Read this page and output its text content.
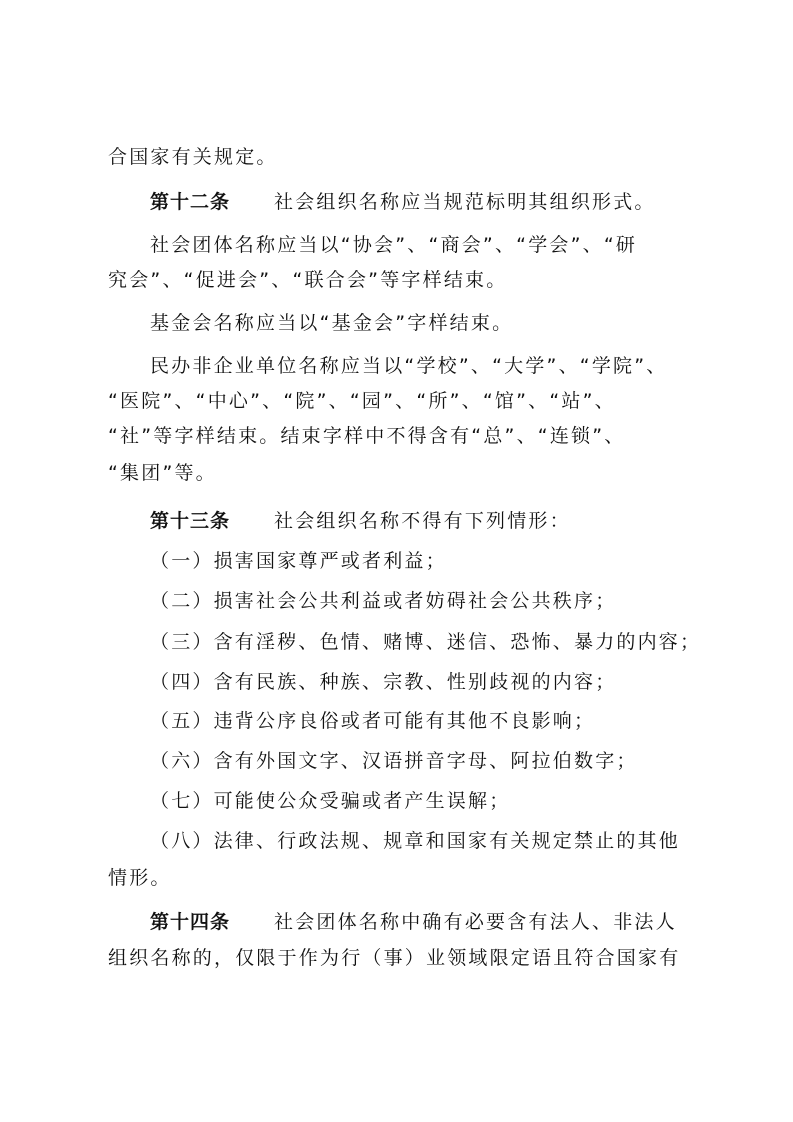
合国家有关规定。
第十二条 社会组织名称应当规范标明其组织形式。
社会团体名称应当以“协会”、“商会”、“学会”、“研
究会”、“促进会”、“联合会”等字样结束。
基金会名称应当以“基金会”字样结束。
民办非企业单位名称应当以“学校”、“大学”、“学院”、
“医院”、“中心”、“院”、“园”、“所”、“馆”、“站”、
“社”等字样结束。结束字样中不得含有“总”、“连锁”、
“集团”等。
第十三条 社会组织名称不得有下列情形：
（一）损害国家尊严或者利益；
（二）损害社会公共利益或者妨碍社会公共秩序；
（三）含有淫秽、色情、赌博、迷信、恐怖、暴力的内容；
（四）含有民族、种族、宗教、性别歧视的内容；
（五）违背公序良俗或者可能有其他不良影响；
（六）含有外国文字、汉语拼音字母、阿拉伯数字；
（七）可能使公众受骗或者产生误解；
（八）法律、行政法规、规章和国家有关规定禁止的其他
情形。
第十四条 社会团体名称中确有必要含有法人、非法人
组织名称的，仅限于作为行（事）业领域限定语且符合国家有
